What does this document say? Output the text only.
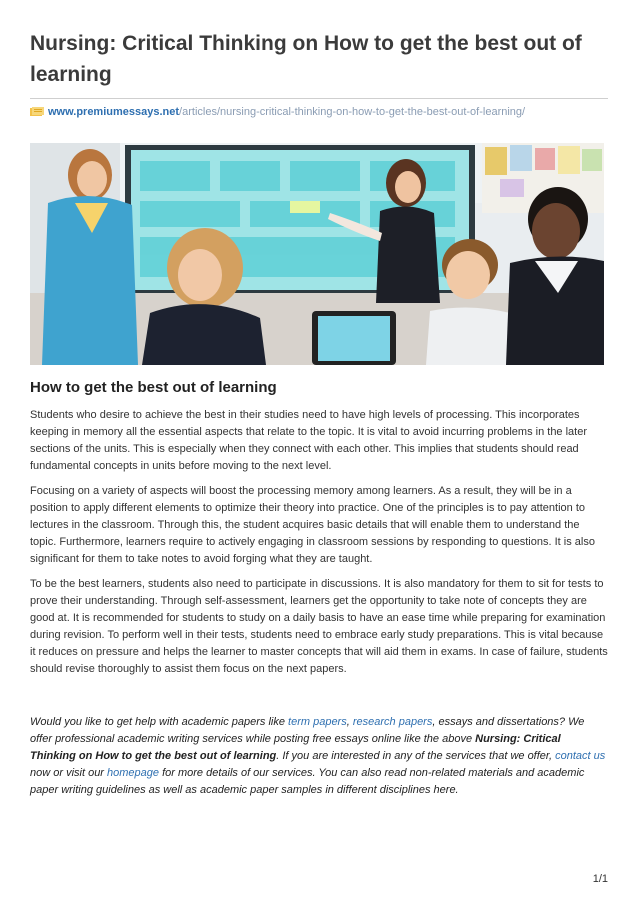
Nursing: Critical Thinking on How to get the best out of learning
www.premiumessays.net /articles/nursing-critical-thinking-on-how-to-get-the-best-out-of-learning/
How to get the best out of learning

Students who desire to achieve the best in their studies need to have high levels of processing. This incorporates keeping in memory all the essential aspects that relate to the topic. It is vital to avoid incurring problems in the later sections of the units. This is especially when they connect with each other. This implies that students should read fundamental concepts in units before moving to the next level.

Focusing on a variety of aspects will boost the processing memory among learners. As a result, they will be in a position to apply different elements to optimize their theory into practice. One of the principles is to pay attention to lectures in the classroom. Through this, the student acquires basic details that will enable them to understand the topic. Furthermore, learners require to actively engaging in classroom sessions by responding to questions. It is also significant for them to take notes to avoid forging what they are taught.

To be the best learners, students also need to participate in discussions. It is also mandatory for them to sit for tests to prove their understanding. Through self-assessment, learners get the opportunity to take note of concepts they are good at. It is recommended for students to study on a daily basis to have an ease time while preparing for examination during revision. To perform well in their tests, students need to embrace early study preparations. This is vital because it reduces on pressure and helps the learner to master concepts that will aid them in exams. In case of failure, students should revise thoroughly to assist them focus on the next papers.

Would you like to get help with academic papers like term papers, research papers, essays and dissertations? We offer professional academic writing services while posting free essays online like the above Nursing: Critical Thinking on How to get the best out of learning. If you are interested in any of the services that we offer, contact us now or visit our homepage for more details of our services. You can also read non-related materials and academic paper writing guidelines as well as academic paper samples in different disciplines here.
1/1
